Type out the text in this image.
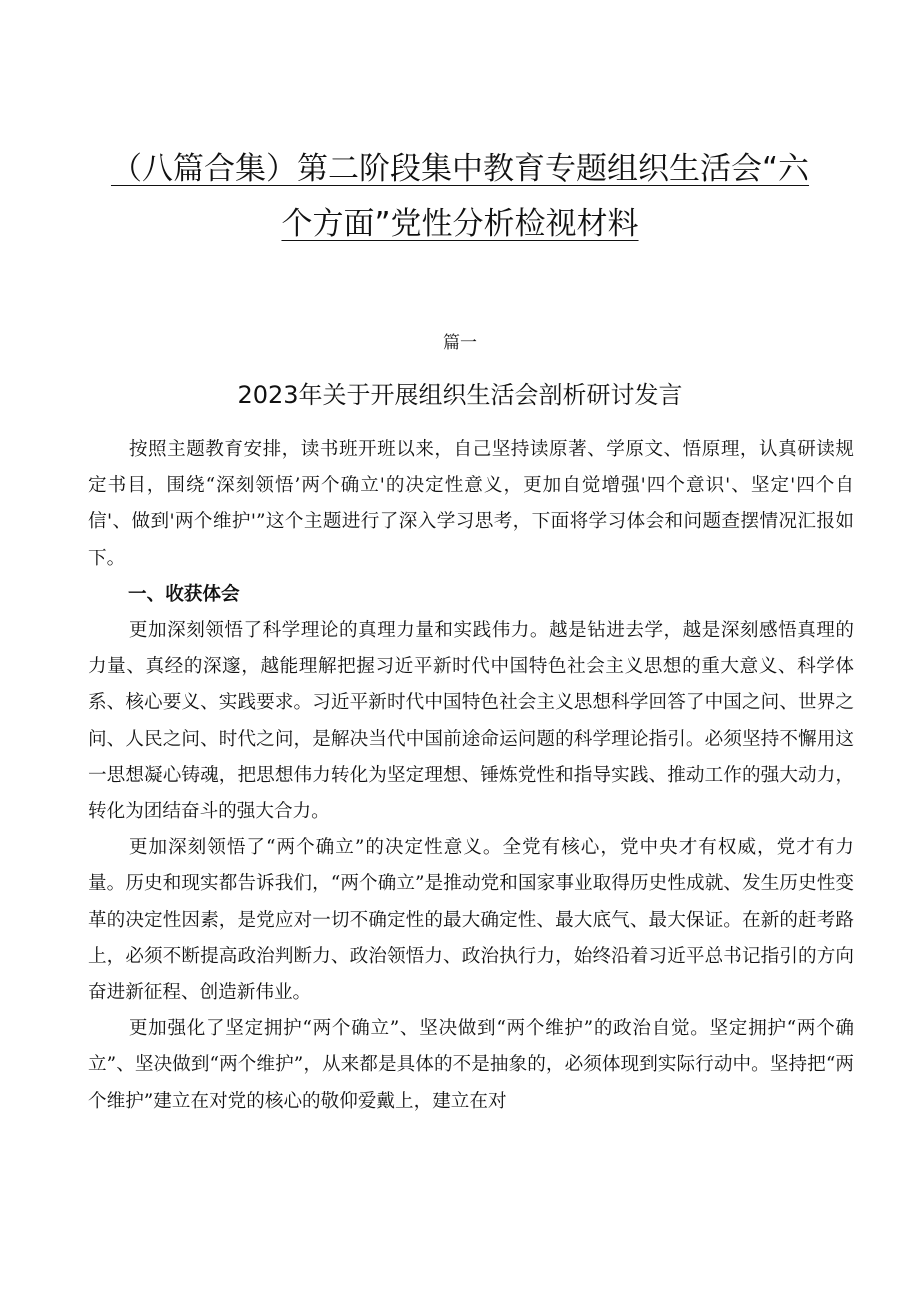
（八篇合集）第二阶段集中教育专题组织生活会“六
个方面”党性分析检视材料
篇一
2023年关于开展组织生活会剖析研讨发言

按照主题教育安排，读书班开班以来，自己坚持读原著、学原文、悟原理，认真研读规定书目，围绕“深刻领悟’两个确立'的决定性意义，更加自觉增强'四个意识'、坚定'四个自信'、做到'两个维护'”这个主题进行了深入学习思考，下面将学习体会和问题查摆情况汇报如下。

一、收获体会

更加深刻领悟了科学理论的真理力量和实践伟力。越是钻进去学，越是深刻感悟真理的力量、真经的深邃，越能理解把握习近平新时代中国特色社会主义思想的重大意义、科学体系、核心要义、实践要求。习近平新时代中国特色社会主义思想科学回答了中国之问、世界之问、人民之问、时代之问，是解决当代中国前途命运问题的科学理论指引。必须坚持不懈用这一思想凝心铸魂，把思想伟力转化为坚定理想、锤炼党性和指导实践、推动工作的强大动力，转化为团结奋斗的强大合力。

更加深刻领悟了“两个确立”的决定性意义。全党有核心，党中央才有权威，党才有力量。历史和现实都告诉我们，“两个确立”是推动党和国家事业取得历史性成就、发生历史性变革的决定性因素，是党应对一切不确定性的最大确定性、最大底气、最大保证。在新的赶考路上，必须不断提高政治判断力、政治领悟力、政治执行力，始终沿着习近平总书记指引的方向奋进新征程、创造新伟业。

更加强化了坚定拥护“两个确立”、坚决做到“两个维护”的政治自觉。坚定拥护“两个确立”、坚决做到“两个维护”，从来都是具体的不是抽象的，必须体现到实际行动中。坚持把“两个维护”建立在对党的核心的敬仰爱戴上，建立在对
